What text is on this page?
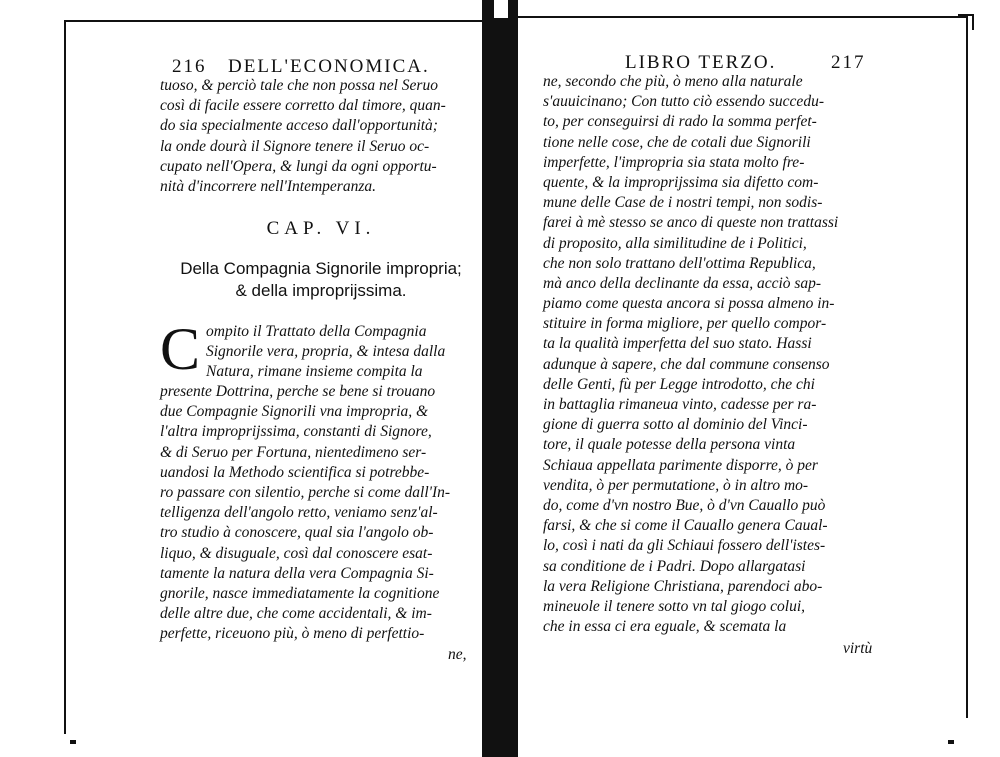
216 DELL'ECONOMICA.
tuoso, & perciò tale che non possa nel Seruo
così di facile essere corretto dal timore, quan-
do sia specialmente acceso dall'opportunità;
la onde dourà il Signore tenere il Seruo oc-
cupato nell'Opera, & lungi da ogni opportu-
nità d'incorrere nell'Intemperanza.
CAP. VI.
Della Compagnia Signorile impropria;
& della improprijssima.
C ompito il Trattato della Compagnia
Signorile vera, propria, & intesa dalla
Natura, rimane insieme compita la
presente Dottrina, perche se bene si trouano
due Compagnie Signorili vna impropria, &
l'altra improprijssima, constanti di Signore,
& di Seruo per Fortuna, nientedimeno ser-
uandosi la Methodo scientifica si potrebbe-
ro passare con silentio, perche si come dall'In-
telligenza dell'angolo retto, veniamo senz'al-
tro studio à conoscere, qual sia l'angolo ob-
liquo, & disuguale, così dal conoscere esat-
tamente la natura della vera Compagnia Si-
gnorile, nasce immediatamente la cognitione
delle altre due, che come accidentali, & im-
perfette, riceuono più, ò meno di perfettio-
ne,
LIBRO TERZO.	217
ne, secondo che più, ò meno alla naturale
s'auuicinano; Con tutto ciò essendo succedu-
to, per conseguirsi di rado la somma perfet-
tione nelle cose, che de cotali due Signorili
imperfette, l'impropria sia stata molto fre-
quente, & la improprijssima sia difetto com-
mune delle Case de i nostri tempi, non sodis-
farei à mè stesso se anco di queste non trattassi
di proposito, alla similitudine de i Politici,
che non solo trattano dell'ottima Republica,
mà anco della declinante da essa, acciò sap-
piamo come questa ancora si possa almeno in-
stituire in forma migliore, per quello compor-
ta la qualità imperfetta del suo stato. Hassi
adunque à sapere, che dal commune consenso
delle Genti, fù per Legge introdotto, che chi
in battaglia rimaneua vinto, cadesse per ra-
gione di guerra sotto al dominio del Vinci-
tore, il quale potesse della persona vinta
Schiaua appellata parimente disporre, ò per
vendita, ò per permutatione, ò in altro mo-
do, come d'vn nostro Bue, ò d'vn Cauallo può
farsi, & che si come il Cauallo genera Caual-
lo, così i nati da gli Schiaui fossero dell'istes-
sa conditione de i Padri. Dopo allargatasi
la vera Religione Christiana, parendoci abo-
mineuole il tenere sotto vn tal giogo colui,
che in essa ci era eguale, & scemata la
virtù
